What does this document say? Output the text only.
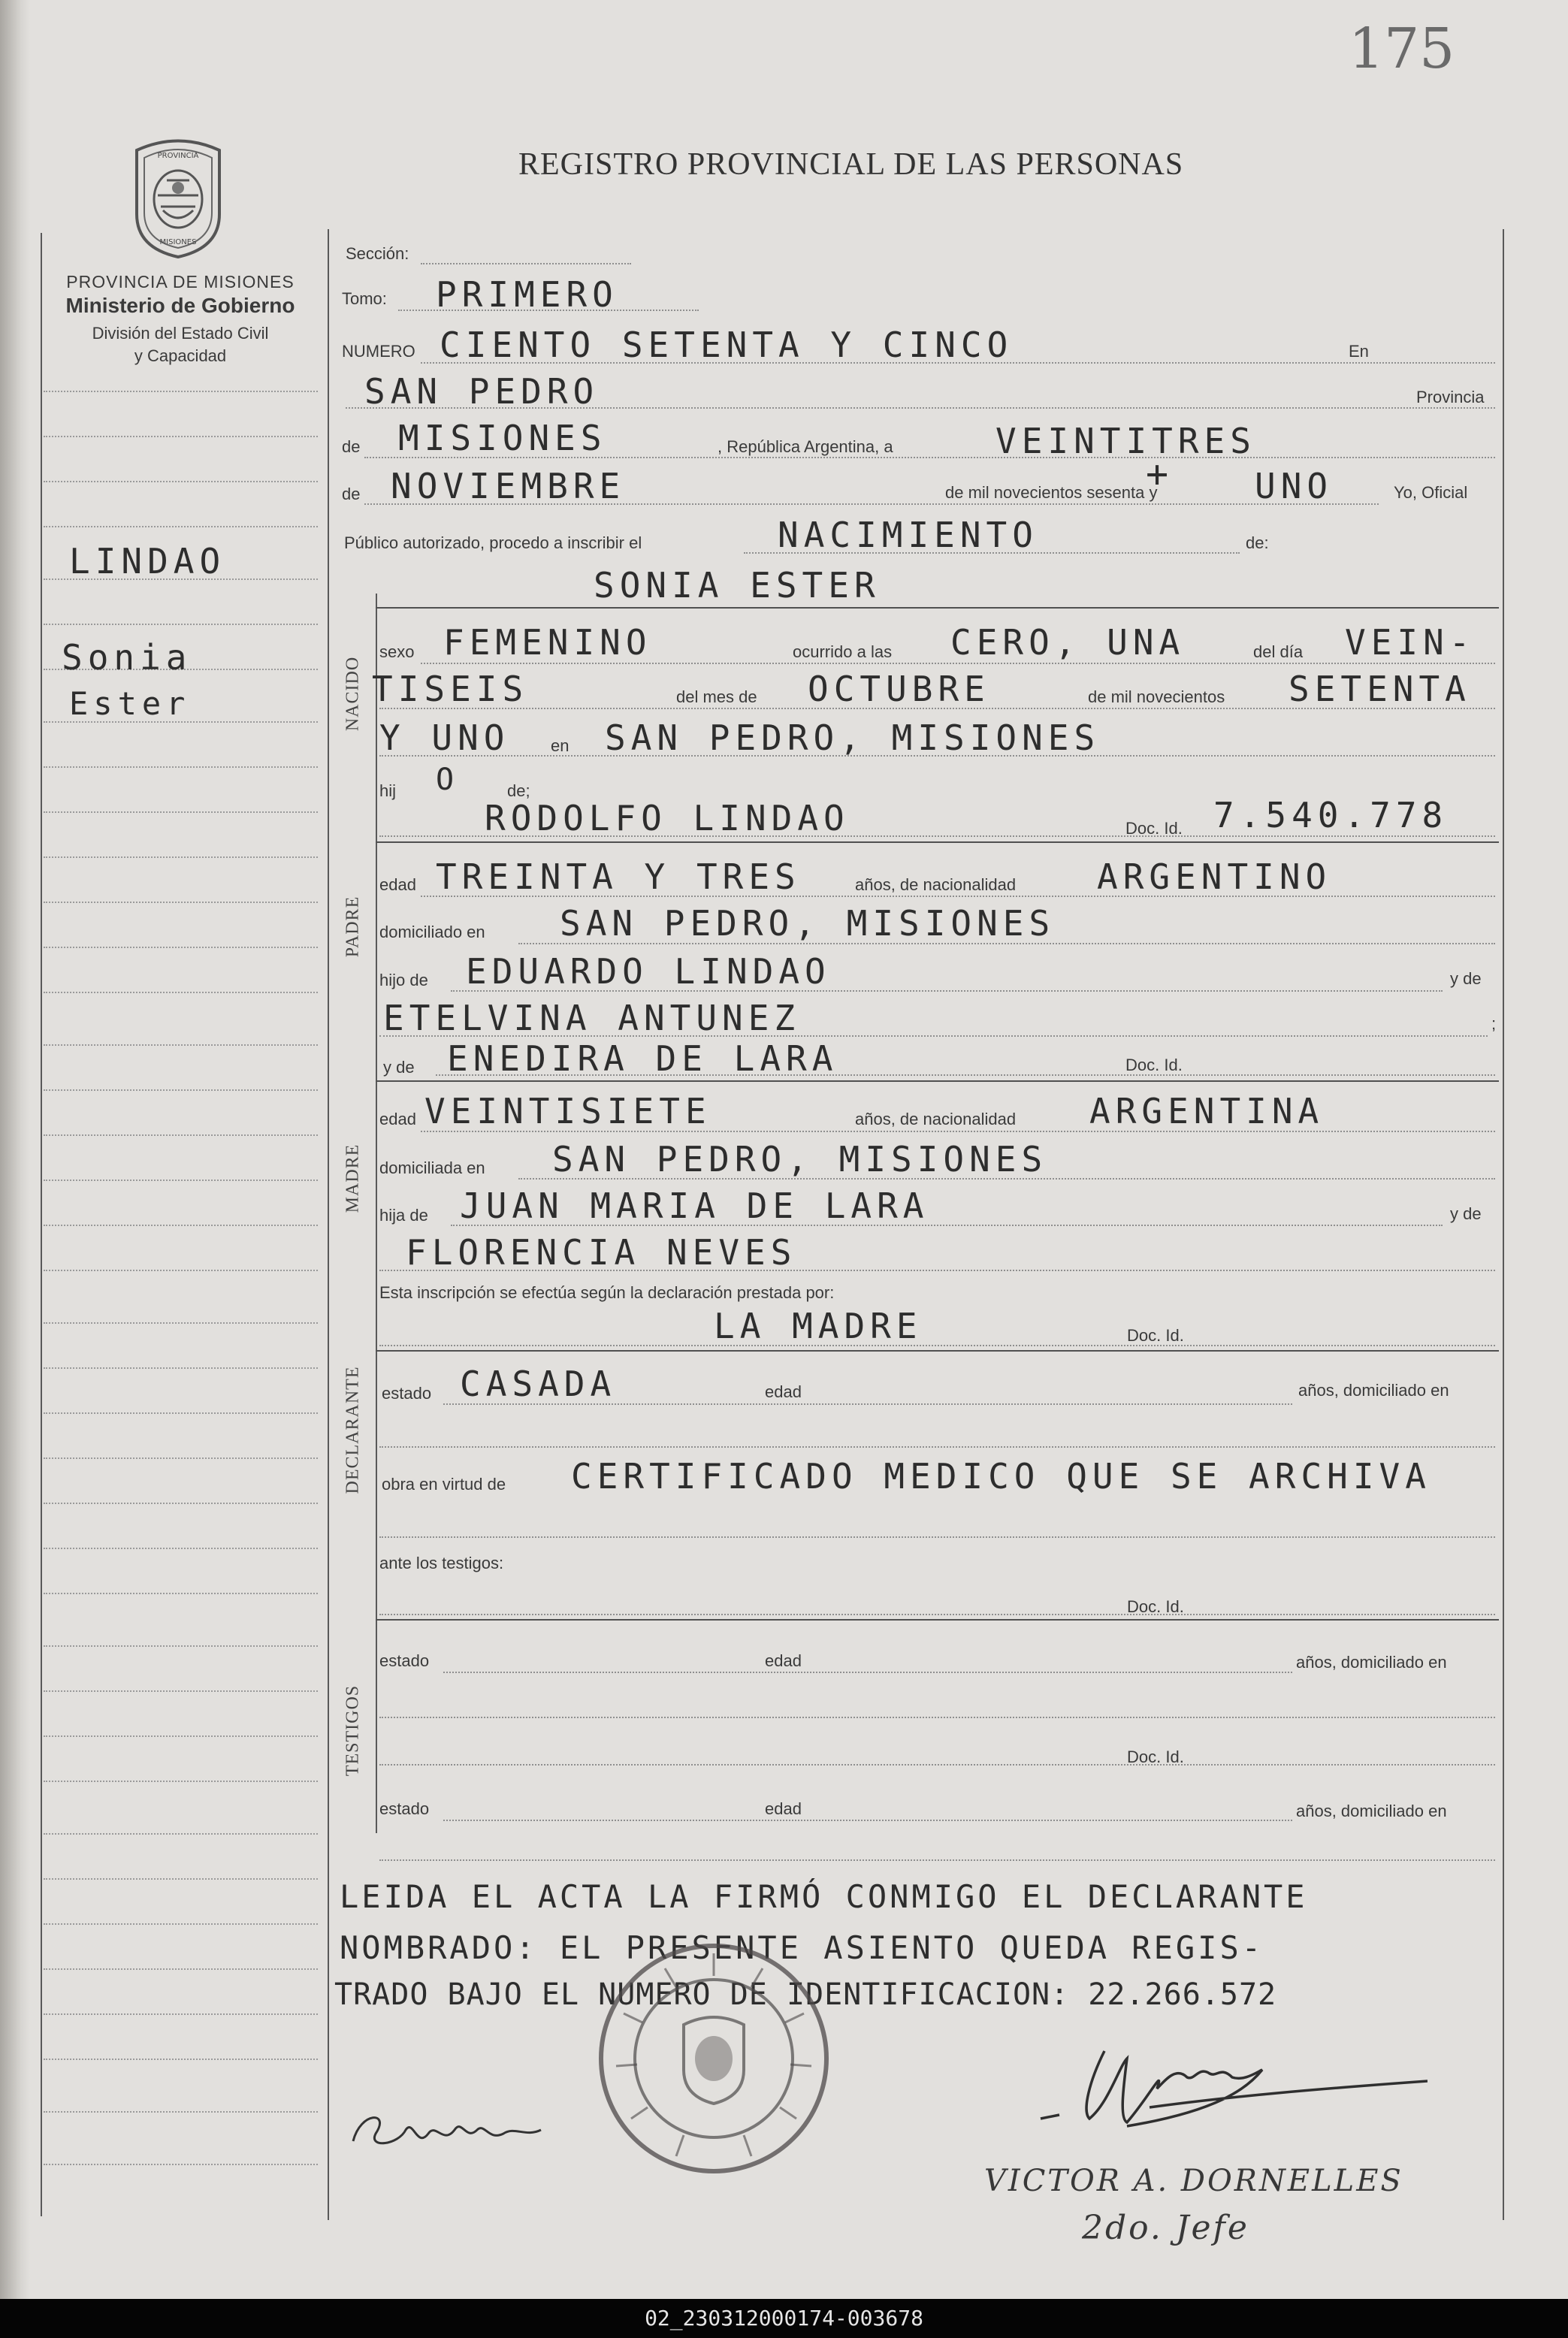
175
REGISTRO PROVINCIAL DE LAS PERSONAS
PROVINCIA
MISIONES
PROVINCIA DE MISIONES
Ministerio de Gobierno
División del Estado Civil
y Capacidad
LINDAO
Sonia
Ester
Sección:
Tomo: PRIMERO
NUMERO CIENTO SETENTA Y CINCO	En
SAN PEDRO	Provincia
de MISIONES	, República Argentina, a	VEINTITRES
de NOVIEMBRE	de mil novecientos sesenta y
+ UNO	Yo, Oficial
Público autorizado, procedo a inscribir el	NACIMIENTO	de:
SONIA ESTER
NACIDO
sexo FEMENINO	ocurrido a las CERO, UNA	del día VEIN-
TISEIS	del mes de OCTUBRE	de mil novecientos SETENTA
Y UNO en SAN PEDRO, MISIONES
hij O	de;
RODOLFO LINDAO	Doc. Id. 7.540.778
PADRE
edad TREINTA Y TRES	años, de nacionalidad ARGENTINO
domiciliado en SAN PEDRO, MISIONES
hijo de EDUARDO LINDAO	y de
ETELVINA ANTUNEZ	;
y de ENEDIRA DE LARA	Doc. Id.
MADRE
edad VEINTISIETE	años, de nacionalidad ARGENTINA
domiciliada en SAN PEDRO, MISIONES
hija de JUAN MARIA DE LARA	y de
FLORENCIA NEVES
Esta inscripción se efectúa según la declaración prestada por:
LA MADRE	Doc. Id.
DECLARANTE estado CASADA	edad	años, domiciliado en
obra en virtud de CERTIFICADO MEDICO QUE SE ARCHIVA
ante los testigos:
Doc. Id.
TESTIGOS
estado	edad	años, domiciliado en
Doc. Id.
estado	edad	años, domiciliado en
LEIDA EL ACTA LA FIRMÓ CONMIGO EL DECLARANTE
NOMBRADO: EL PRESENTE ASIENTO QUEDA REGIS-
TRADO BAJO EL NUMERO DE IDENTIFICACION: 22.266.572
VICTOR A. DORNELLES
2do. Jefe
02_230312000174-003678
